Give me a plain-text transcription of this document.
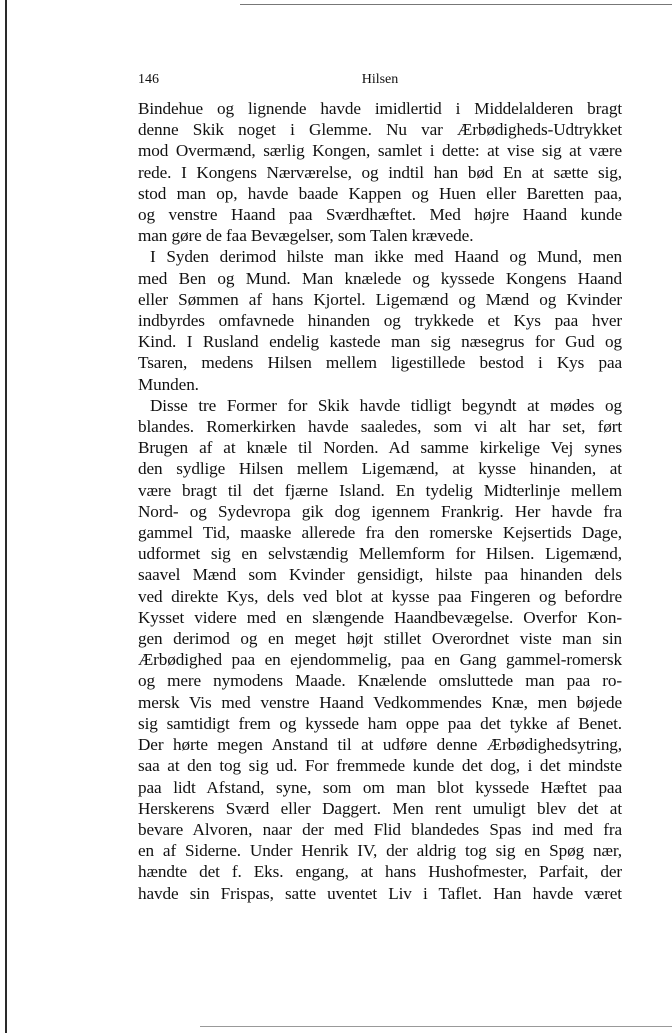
146	Hilsen
Bindehue og lignende havde imidlertid i Middelalderen bragt
denne Skik noget i Glemme. Nu var Ærbødigheds-Udtrykket
mod Overmænd, særlig Kongen, samlet i dette: at vise sig at være
rede. I Kongens Nærværelse, og indtil han bød En at sætte sig,
stod man op, havde baade Kappen og Huen eller Baretten paa,
og venstre Haand paa Sværdhæftet. Med højre Haand kunde
man gøre de faa Bevægelser, som Talen krævede.
I Syden derimod hilste man ikke med Haand og Mund, men
med Ben og Mund. Man knælede og kyssede Kongens Haand
eller Sømmen af hans Kjortel. Ligemænd og Mænd og Kvinder
indbyrdes omfavnede hinanden og trykkede et Kys paa hver
Kind. I Rusland endelig kastede man sig næsegrus for Gud og
Tsaren, medens Hilsen mellem ligestillede bestod i Kys paa
Munden.
Disse tre Former for Skik havde tidligt begyndt at mødes og
blandes. Romerkirken havde saaledes, som vi alt har set, ført
Brugen af at knæle til Norden. Ad samme kirkelige Vej synes
den sydlige Hilsen mellem Ligemænd, at kysse hinanden, at
være bragt til det fjærne Island. En tydelig Midterlinje mellem
Nord- og Sydevropa gik dog igennem Frankrig. Her havde fra
gammel Tid, maaske allerede fra den romerske Kejsertids Dage,
udformet sig en selvstændig Mellemform for Hilsen. Ligemænd,
saavel Mænd som Kvinder gensidigt, hilste paa hinanden dels
ved direkte Kys, dels ved blot at kysse paa Fingeren og befordre
Kysset videre med en slængende Haandbevægelse. Overfor Kon-
gen derimod og en meget højt stillet Overordnet viste man sin
Ærbødighed paa en ejendommelig, paa en Gang gammel-romersk
og mere nymodens Maade. Knælende omsluttede man paa ro-
mersk Vis med venstre Haand Vedkommendes Knæ, men bøjede
sig samtidigt frem og kyssede ham oppe paa det tykke af Benet.
Der hørte megen Anstand til at udføre denne Ærbødighedsytring,
saa at den tog sig ud. For fremmede kunde det dog, i det mindste
paa lidt Afstand, syne, som om man blot kyssede Hæftet paa
Herskerens Sværd eller Daggert. Men rent umuligt blev det at
bevare Alvoren, naar der med Flid blandedes Spas ind med fra
en af Siderne. Under Henrik IV, der aldrig tog sig en Spøg nær,
hændte det f. Eks. engang, at hans Hushofmester, Parfait, der
havde sin Frispas, satte uventet Liv i Taflet. Han havde været
